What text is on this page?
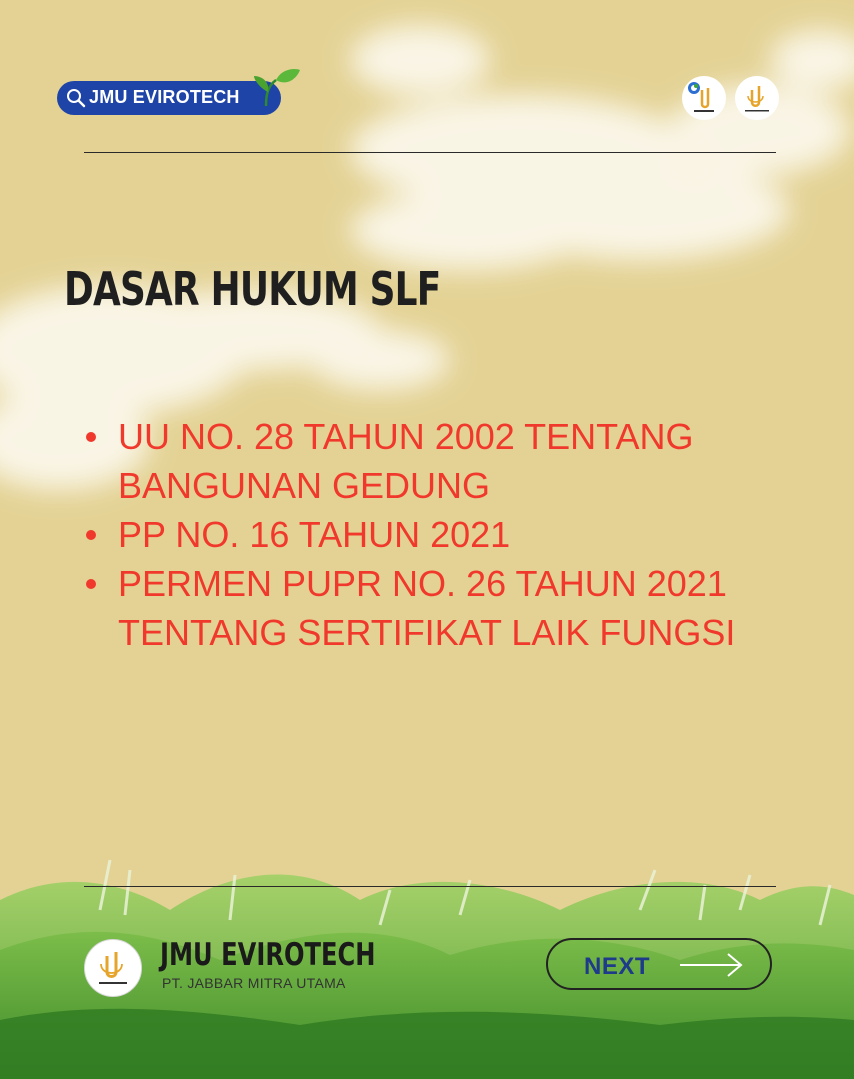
JMU EVIROTECH
DASAR HUKUM SLF
UU NO. 28 TAHUN 2002 TENTANG BANGUNAN GEDUNG
PP NO. 16 TAHUN 2021
PERMEN PUPR NO. 26 TAHUN 2021 TENTANG SERTIFIKAT LAIK FUNGSI
JMU EVIROTECH
PT. JABBAR MITRA UTAMA
NEXT
